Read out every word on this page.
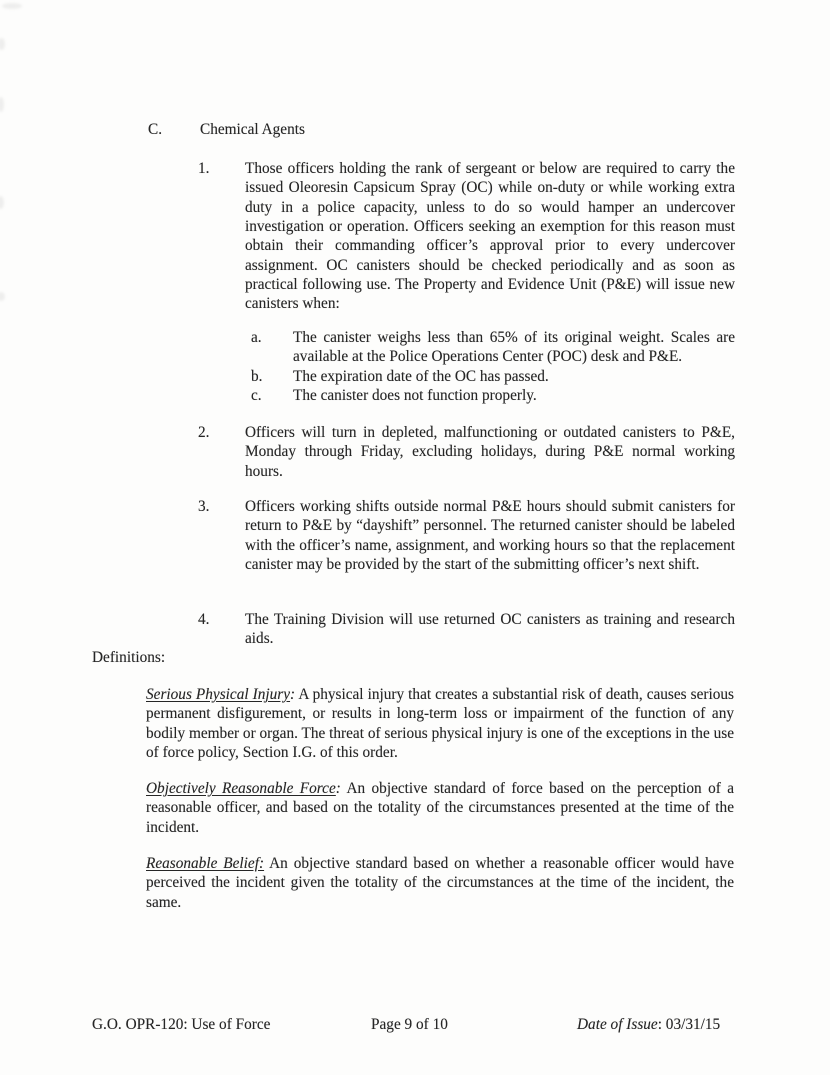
C.	Chemical Agents
1.	Those officers holding the rank of sergeant or below are required to carry the issued Oleoresin Capsicum Spray (OC) while on-duty or while working extra duty in a police capacity, unless to do so would hamper an undercover investigation or operation. Officers seeking an exemption for this reason must obtain their commanding officer’s approval prior to every undercover assignment. OC canisters should be checked periodically and as soon as practical following use. The Property and Evidence Unit (P&E) will issue new canisters when:
a.	The canister weighs less than 65% of its original weight. Scales are available at the Police Operations Center (POC) desk and P&E.
b.	The expiration date of the OC has passed.
c.	The canister does not function properly.
2.	Officers will turn in depleted, malfunctioning or outdated canisters to P&E, Monday through Friday, excluding holidays, during P&E normal working hours.
3.	Officers working shifts outside normal P&E hours should submit canisters for return to P&E by “dayshift” personnel. The returned canister should be labeled with the officer’s name, assignment, and working hours so that the replacement canister may be provided by the start of the submitting officer’s next shift.
4.	The Training Division will use returned OC canisters as training and research aids.
Definitions:

Serious Physical Injury: A physical injury that creates a substantial risk of death, causes serious permanent disfigurement, or results in long-term loss or impairment of the function of any bodily member or organ. The threat of serious physical injury is one of the exceptions in the use of force policy, Section I.G. of this order.

Objectively Reasonable Force: An objective standard of force based on the perception of a reasonable officer, and based on the totality of the circumstances presented at the time of the incident.

Reasonable Belief: An objective standard based on whether a reasonable officer would have perceived the incident given the totality of the circumstances at the time of the incident, the same.

G.O. OPR-120: Use of Force	Page 9 of 10	Date of Issue: 03/31/15
